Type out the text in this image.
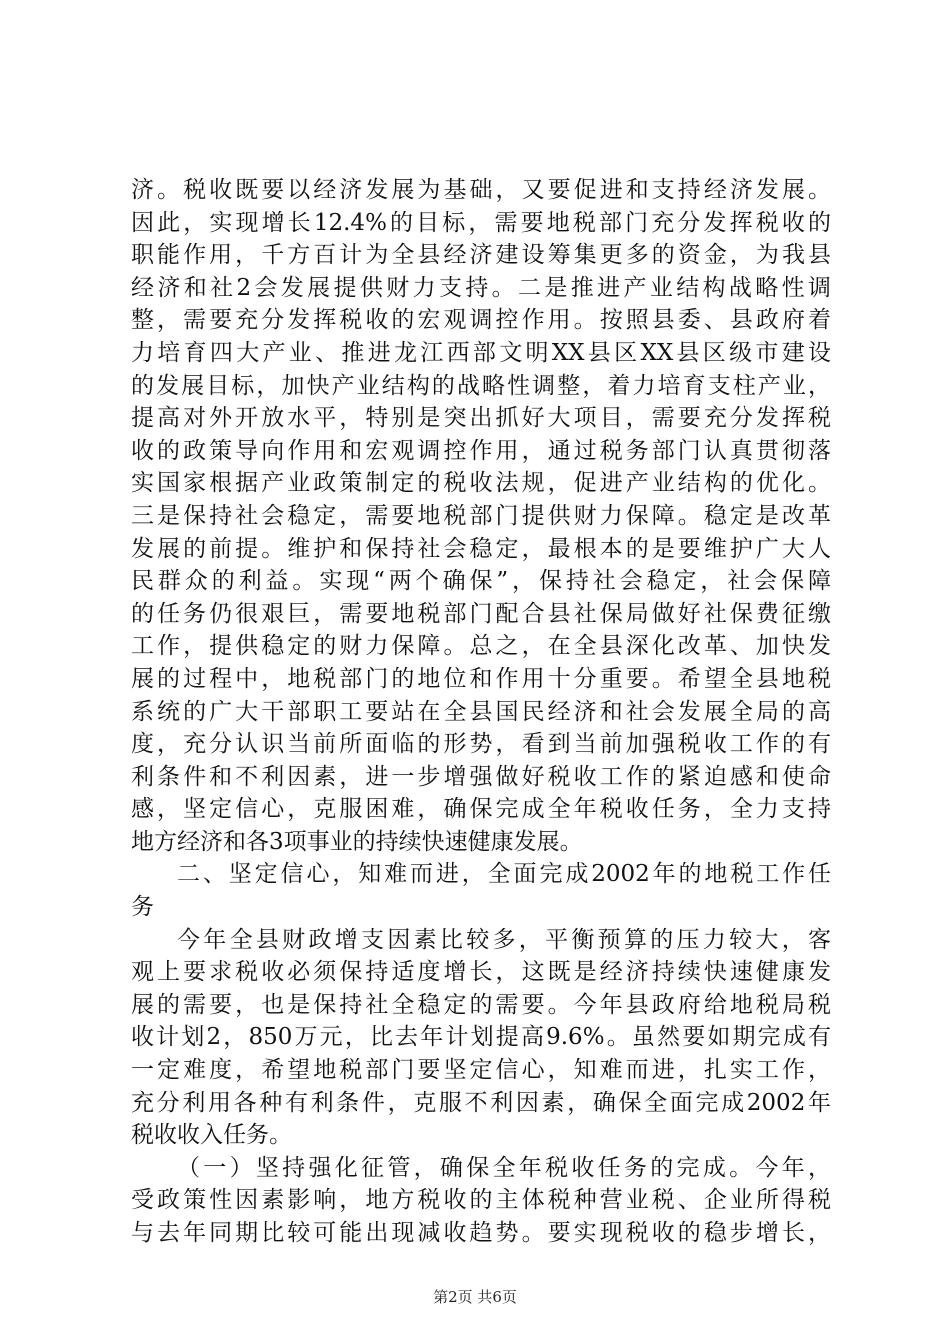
济。税收既要以经济发展为基础，又要促进和支持经济发展。
因此，实现增长12.4%的目标，需要地税部门充分发挥税收的
职能作用，千方百计为全县经济建设筹集更多的资金，为我县
经济和社2会发展提供财力支持。二是推进产业结构战略性调
整，需要充分发挥税收的宏观调控作用。按照县委、县政府着
力培育四大产业、推进龙江西部文明XX县区XX县区级市建设
的发展目标，加快产业结构的战略性调整，着力培育支柱产业，
提高对外开放水平，特别是突出抓好大项目，需要充分发挥税
收的政策导向作用和宏观调控作用，通过税务部门认真贯彻落
实国家根据产业政策制定的税收法规，促进产业结构的优化。
三是保持社会稳定，需要地税部门提供财力保障。稳定是改革
发展的前提。维护和保持社会稳定，最根本的是要维护广大人
民群众的利益。实现“两个确保”，保持社会稳定，社会保障
的任务仍很艰巨，需要地税部门配合县社保局做好社保费征缴
工作，提供稳定的财力保障。总之，在全县深化改革、加快发
展的过程中，地税部门的地位和作用十分重要。希望全县地税
系统的广大干部职工要站在全县国民经济和社会发展全局的高
度，充分认识当前所面临的形势，看到当前加强税收工作的有
利条件和不利因素，进一步增强做好税收工作的紧迫感和使命
感，坚定信心，克服困难，确保完成全年税收任务，全力支持
地方经济和各3项事业的持续快速健康发展。
二、坚定信心，知难而进，全面完成2002年的地税工作任
务
今年全县财政增支因素比较多，平衡预算的压力较大，客
观上要求税收必须保持适度增长，这既是经济持续快速健康发
展的需要，也是保持社全稳定的需要。今年县政府给地税局税
收计划2，850万元，比去年计划提高9.6%。虽然要如期完成有
一定难度，希望地税部门要坚定信心，知难而进，扎实工作，
充分利用各种有利条件，克服不利因素，确保全面完成2002年
税收收入任务。
（一）坚持强化征管，确保全年税收任务的完成。今年，
受政策性因素影响，地方税收的主体税种营业税、企业所得税
与去年同期比较可能出现减收趋势。要实现税收的稳步增长，
第2页 共6页
